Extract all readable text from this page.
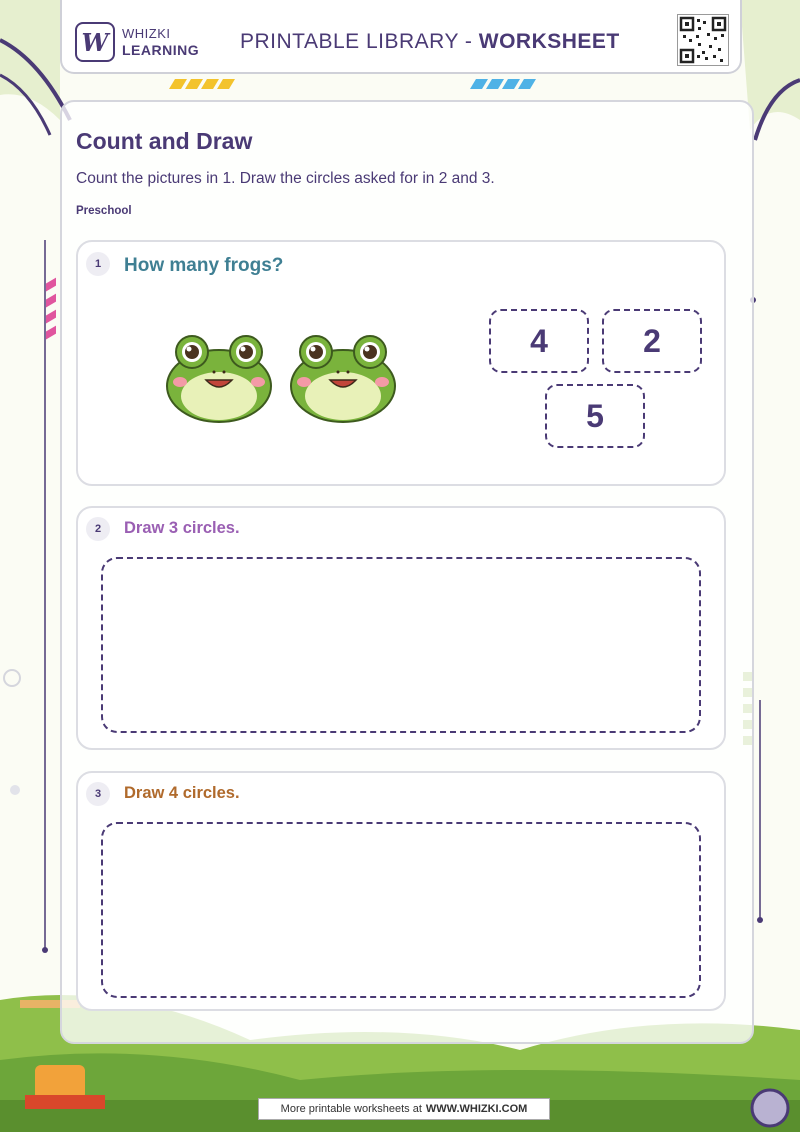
W	WHIZKI
LEARNING PRINTABLE LIBRARY - WORKSHEET
Count and Draw
Count the pictures in 1. Draw the circles asked for in 2 and 3.
Preschool
1	How many frogs?
4	2
5
2	Draw 3 circles.
3	Draw 4 circles.
More printable worksheets at WWW.WHIZKI.COM
